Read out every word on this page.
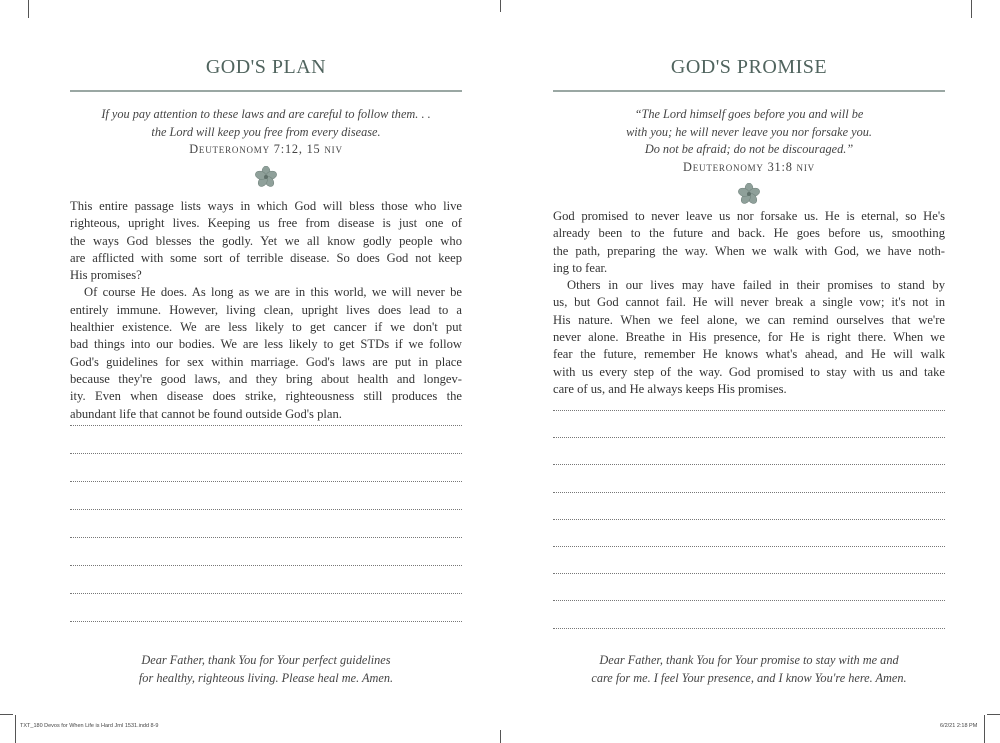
GOD'S PLAN
If you pay attention to these laws and are careful to follow them. . .
the Lord will keep you free from every disease.
Deuteronomy 7:12, 15 niv
This entire passage lists ways in which God will bless those who live
righteous, upright lives. Keeping us free from disease is just one of
the ways God blesses the godly. Yet we all know godly people who
are afflicted with some sort of terrible disease. So does God not keep
His promises?
Of course He does. As long as we are in this world, we will never be
entirely immune. However, living clean, upright lives does lead to a
healthier existence. We are less likely to get cancer if we don't put
bad things into our bodies. We are less likely to get STDs if we follow
God's guidelines for sex within marriage. God's laws are put in place
because they're good laws, and they bring about health and longev-
ity. Even when disease does strike, righteousness still produces the
abundant life that cannot be found outside God's plan.
Dear Father, thank You for Your perfect guidelines
for healthy, righteous living. Please heal me. Amen.
GOD'S PROMISE
“The Lord himself goes before you and will be
with you; he will never leave you nor forsake you.
Do not be afraid; do not be discouraged.”
Deuteronomy 31:8 niv
God promised to never leave us nor forsake us. He is eternal, so He's
already been to the future and back. He goes before us, smoothing
the path, preparing the way. When we walk with God, we have noth-
ing to fear.
Others in our lives may have failed in their promises to stand by
us, but God cannot fail. He will never break a single vow; it's not in
His nature. When we feel alone, we can remind ourselves that we're
never alone. Breathe in His presence, for He is right there. When we
fear the future, remember He knows what's ahead, and He will walk
with us every step of the way. God promised to stay with us and take
care of us, and He always keeps His promises.
Dear Father, thank You for Your promise to stay with me and
care for me. I feel Your presence, and I know You're here. Amen.
TXT_180 Devos for When Life is Hard Jrnl 1531.indd 8-9	6/2/21 2:18 PM
